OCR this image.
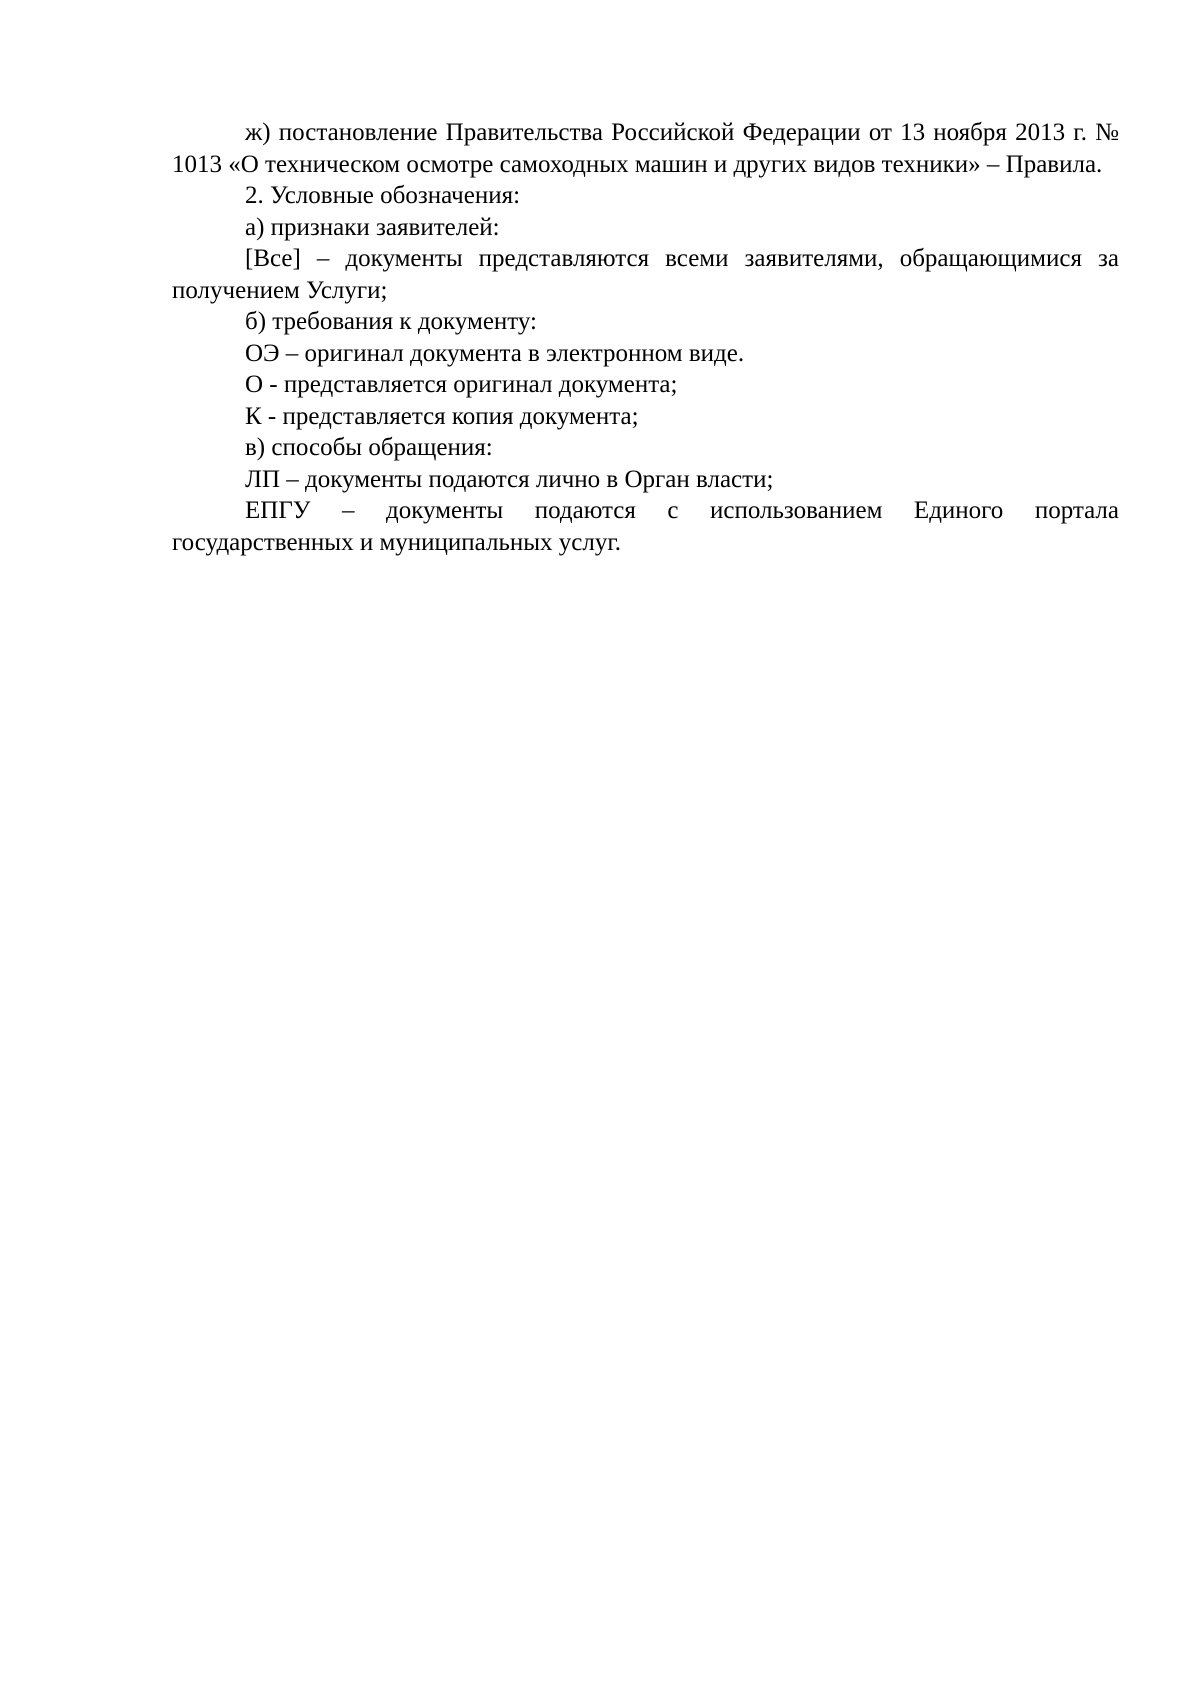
ж) постановление Правительства Российской Федерации от 13 ноября 2013 г. № 1013 «О техническом осмотре самоходных машин и других видов техники» – Правила.

2. Условные обозначения:

а) признаки заявителей:

[Все] – документы представляются всеми заявителями, обращающимися за получением Услуги;

б) требования к документу:

ОЭ – оригинал документа в электронном виде.

О - представляется оригинал документа;

К - представляется копия документа;

в) способы обращения:

ЛП – документы подаются лично в Орган власти;

ЕПГУ – документы подаются с использованием Единого портала государственных и муниципальных услуг.
